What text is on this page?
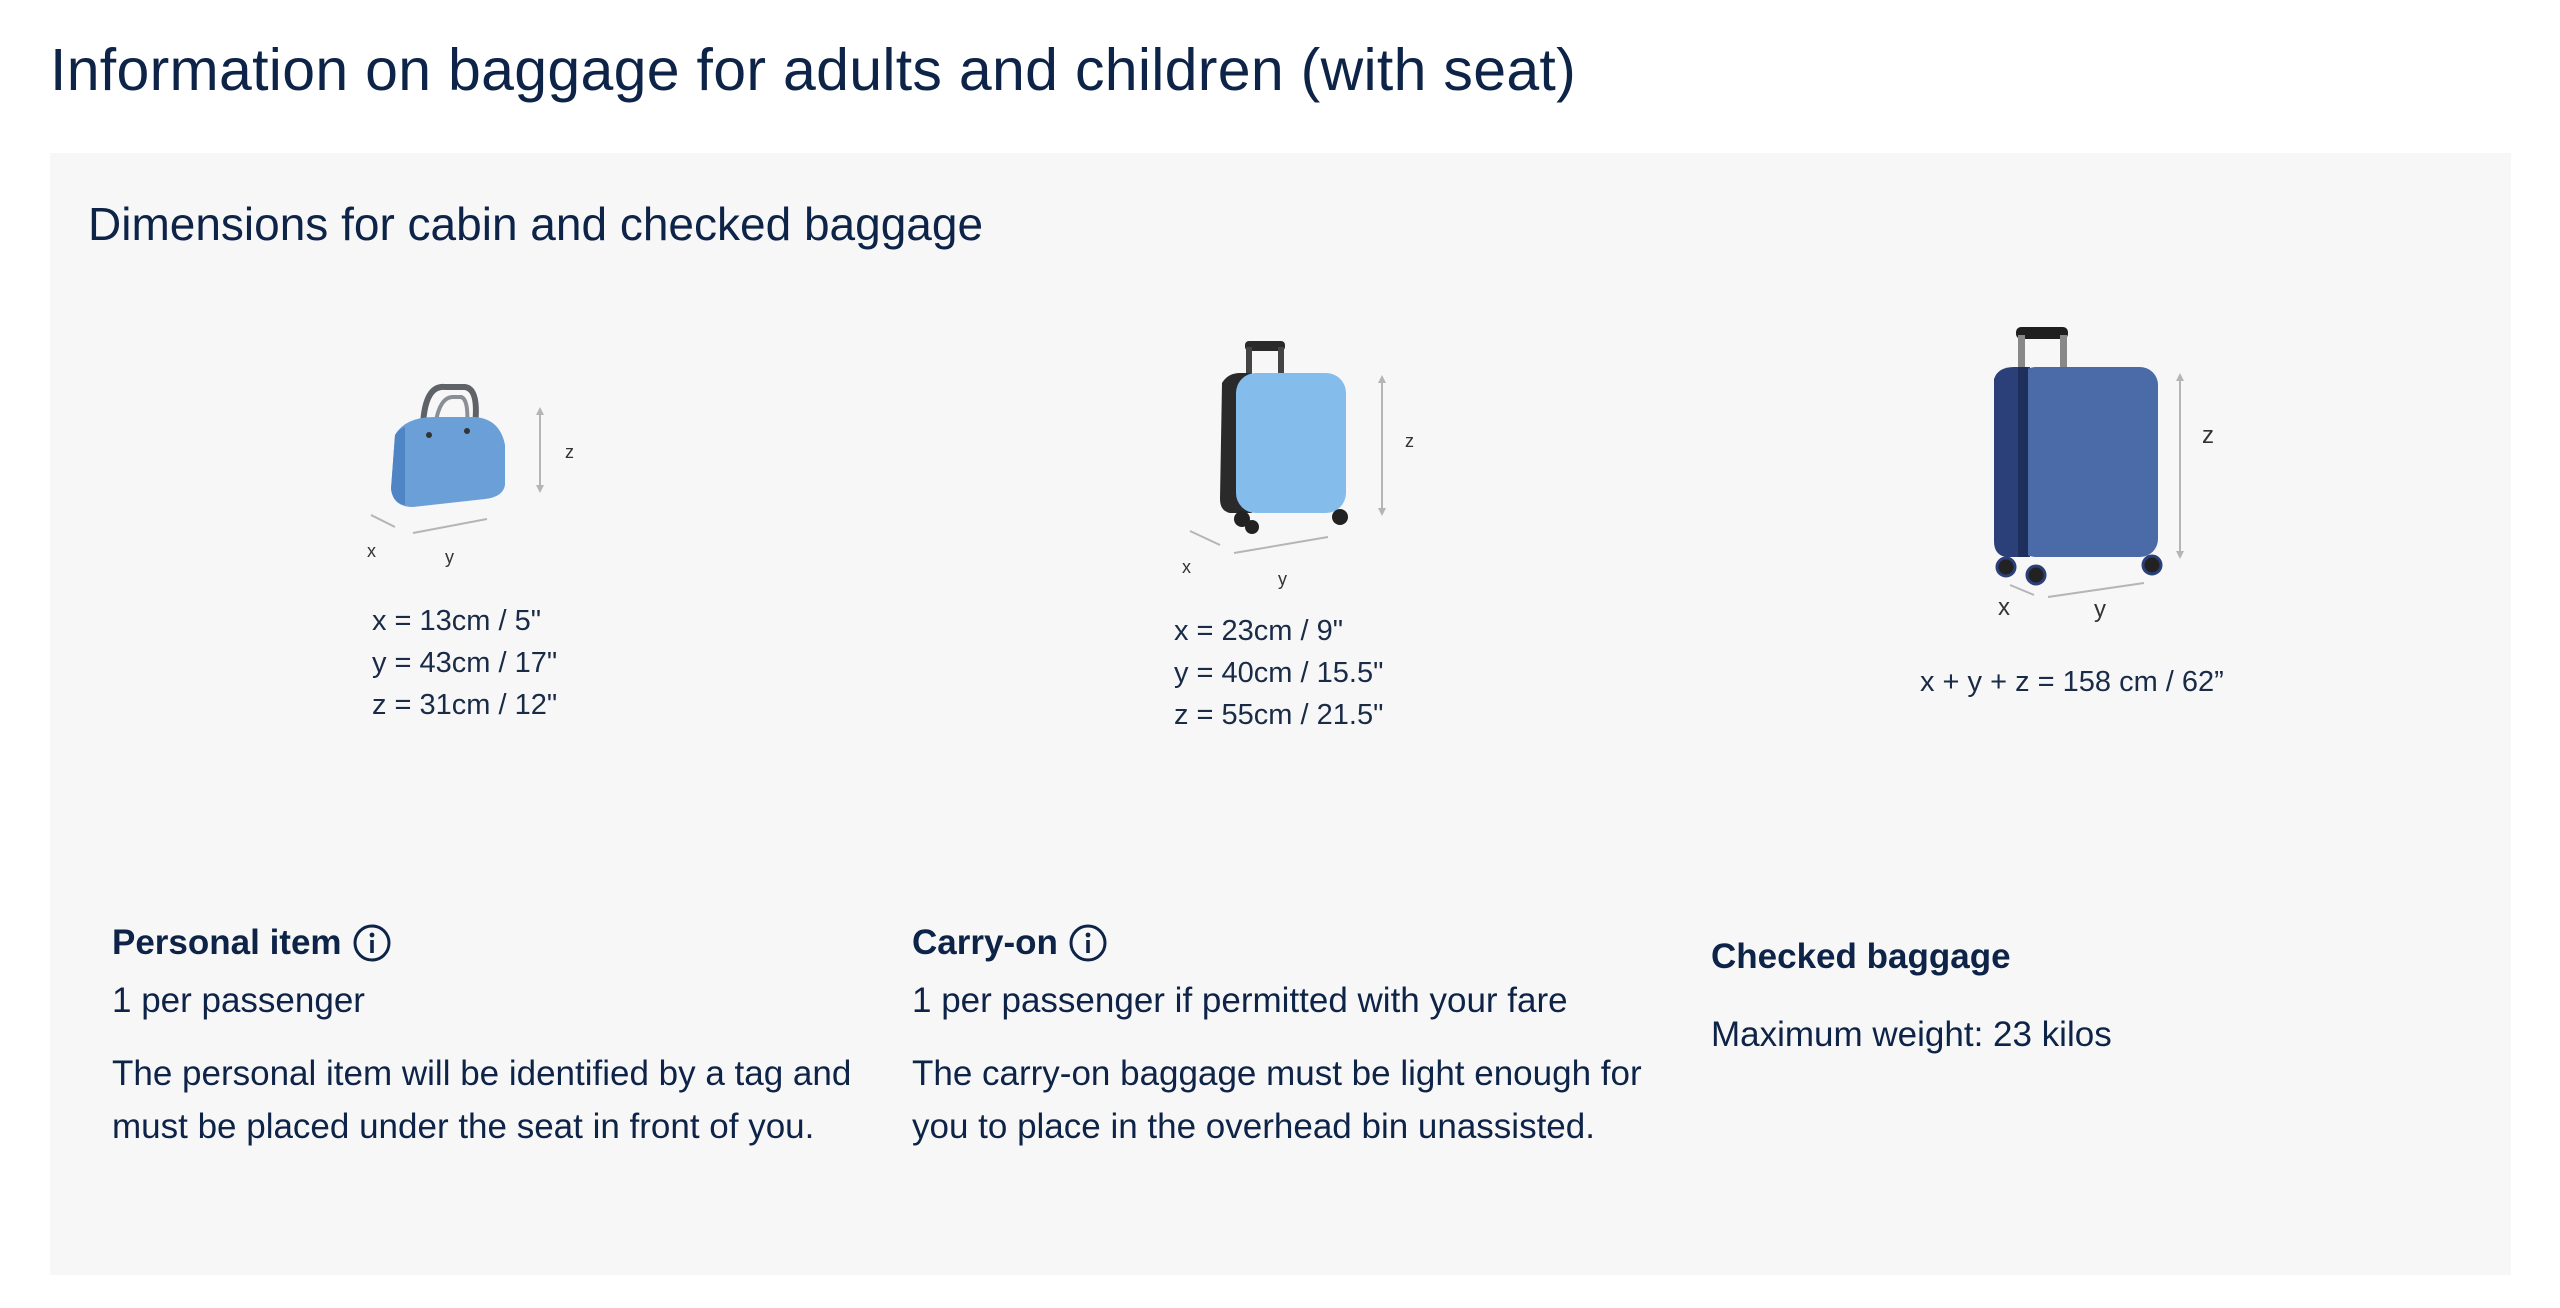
Information on baggage for adults and children (with seat)
Dimensions for cabin and checked baggage
z
x	y
x = 13cm / 5"
y = 43cm / 17"
z = 31cm / 12"
z
x
y
x = 23cm / 9"
y = 40cm / 15.5"
z = 55cm / 21.5"
z
x	y
x + y + z = 158 cm / 62”
Personal item
1 per passenger
The personal item will be identified by a tag and must be placed under the seat in front of you.
Carry-on
1 per passenger if permitted with your fare
The carry-on baggage must be light enough for you to place in the overhead bin unassisted.
Checked baggage
Maximum weight: 23 kilos
